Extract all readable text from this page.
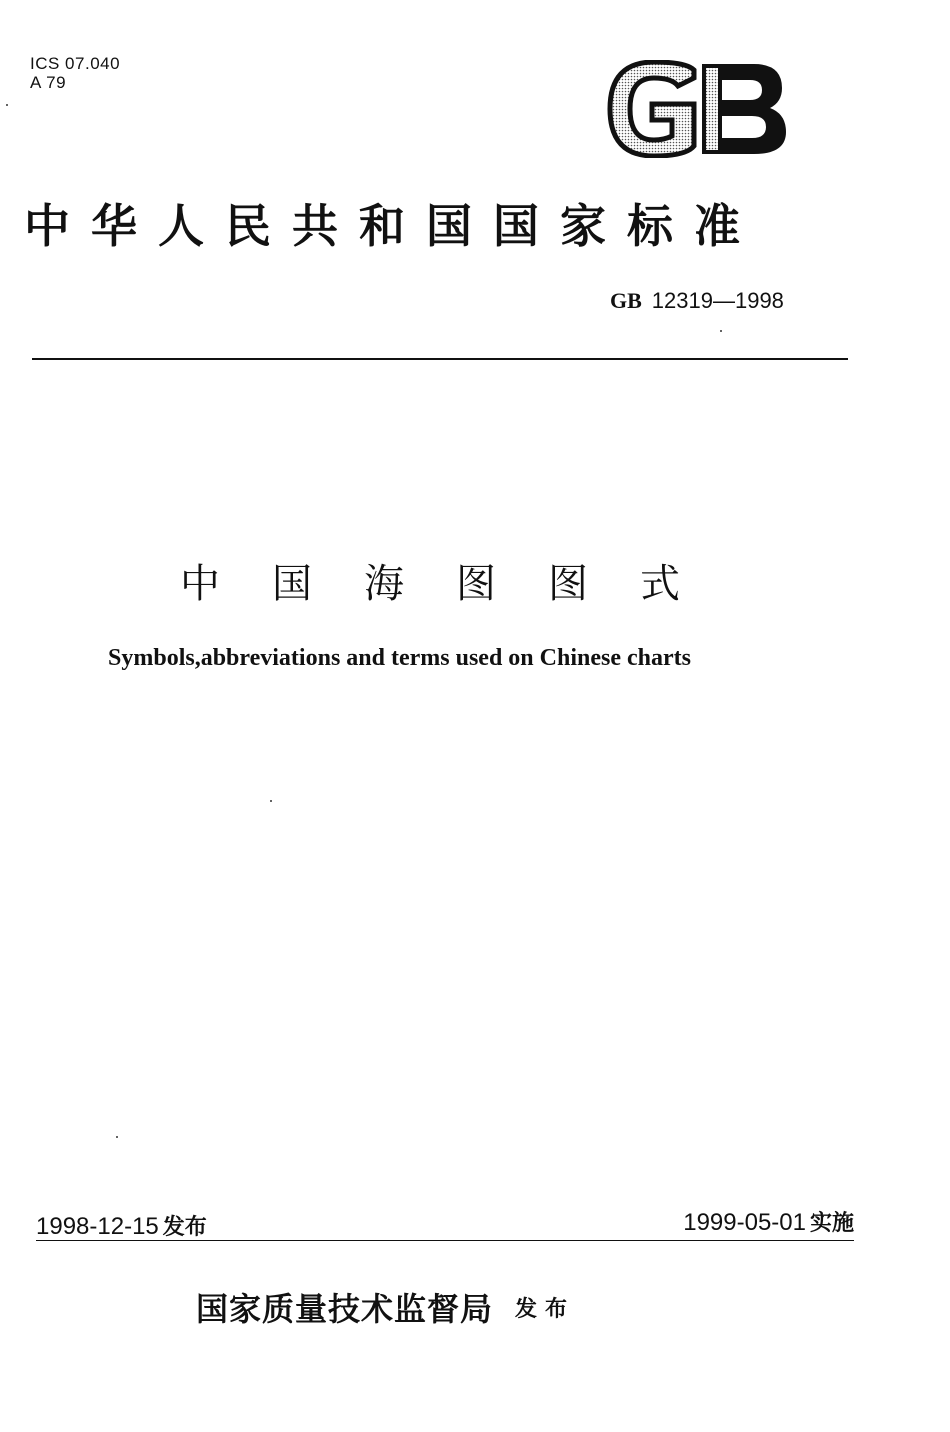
ICS 07.040
A 79
中华人民共和国国家标准
GB 12319—1998
中国海图图式
Symbols,abbreviations and terms used on Chinese charts
1998-12-15 发布	1999-05-01 实施
国家质量技术监督局 发布
